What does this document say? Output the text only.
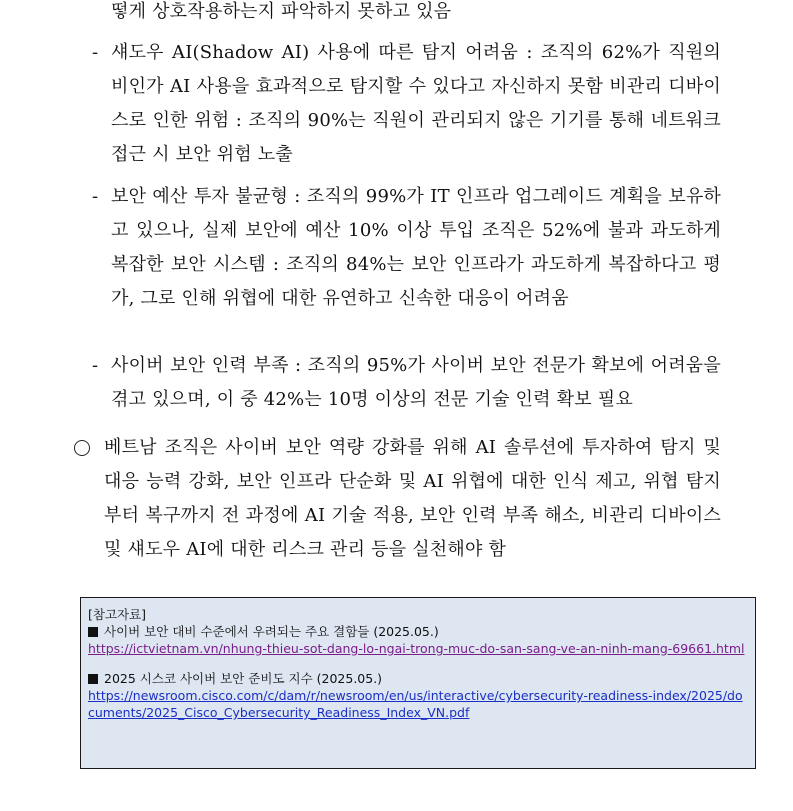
떻게 상호작용하는지 파악하지 못하고 있음
- 섀도우 AI(Shadow AI) 사용에 따른 탐지 어려움 : 조직의 62%가 직원의 비인가 AI 사용을 효과적으로 탐지할 수 있다고 자신하지 못함 비관리 디바이스로 인한 위험 : 조직의 90%는 직원이 관리되지 않은 기기를 통해 네트워크 접근 시 보안 위험 노출
- 보안 예산 투자 불균형 : 조직의 99%가 IT 인프라 업그레이드 계획을 보유하고 있으나, 실제 보안에 예산 10% 이상 투입 조직은 52%에 불과 과도하게 복잡한 보안 시스템 : 조직의 84%는 보안 인프라가 과도하게 복잡하다고 평가, 그로 인해 위협에 대한 유연하고 신속한 대응이 어려움
- 사이버 보안 인력 부족 : 조직의 95%가 사이버 보안 전문가 확보에 어려움을 겪고 있으며, 이 중 42%는 10명 이상의 전문 기술 인력 확보 필요
베트남 조직은 사이버 보안 역량 강화를 위해 AI 솔루션에 투자하여 탐지 및 대응 능력 강화, 보안 인프라 단순화 및 AI 위협에 대한 인식 제고, 위협 탐지부터 복구까지 전 과정에 AI 기술 적용, 보안 인력 부족 해소, 비관리 디바이스 및 섀도우 AI에 대한 리스크 관리 등을 실천해야 함
[참고자료]
사이버 보안 대비 수준에서 우려되는 주요 결함들 (2025.05.)
https://ictvietnam.vn/nhung-thieu-sot-dang-lo-ngai-trong-muc-do-san-sang-ve-an-ninh-mang-69661.html
2025 시스코 사이버 보안 준비도 지수 (2025.05.)
https://newsroom.cisco.com/c/dam/r/newsroom/en/us/interactive/cybersecurity-readiness-index/2025/documents/2025_Cisco_Cybersecurity_Readiness_Index_VN.pdf
